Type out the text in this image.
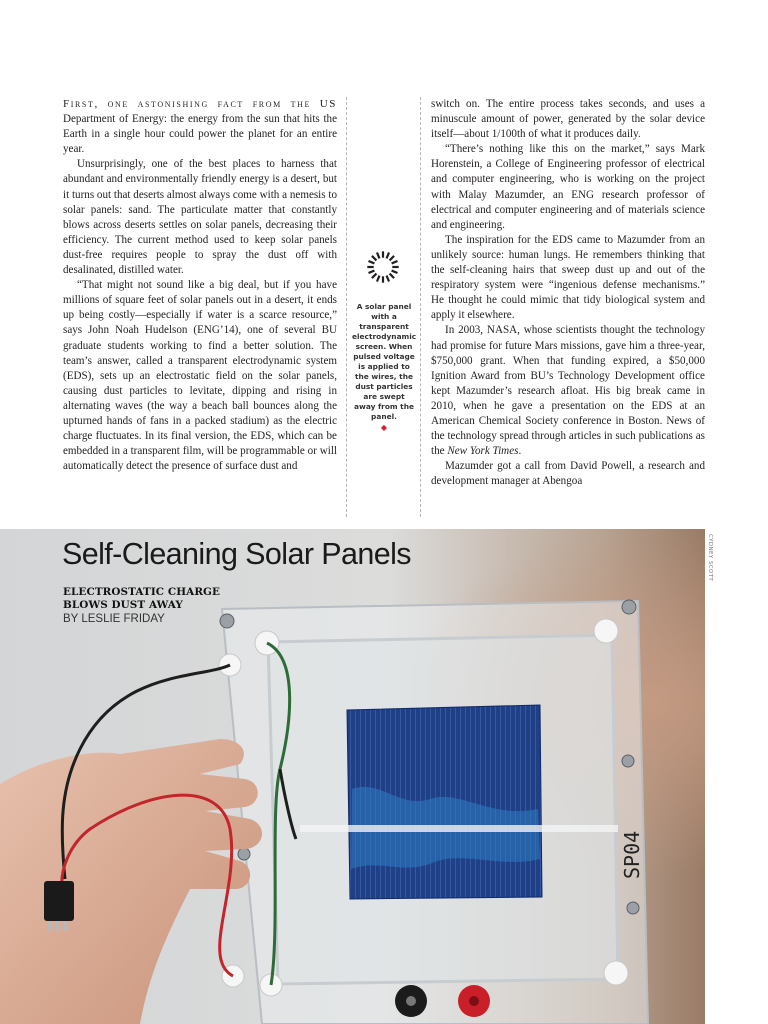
First, one astonishing fact from the US Department of Energy: the energy from the sun that hits the Earth in a single hour could power the planet for an entire year.

Unsurprisingly, one of the best places to harness that abundant and environmentally friendly energy is a desert, but it turns out that deserts almost always come with a nemesis to solar panels: sand. The particulate matter that constantly blows across deserts settles on solar panels, decreasing their efficiency. The current method used to keep solar panels dust-free requires people to spray the dust off with desalinated, distilled water.

“That might not sound like a big deal, but if you have millions of square feet of solar panels out in a desert, it ends up being costly—especially if water is a scarce resource,” says John Noah Hudelson (ENG’14), one of several BU graduate students working to find a better solution. The team’s answer, called a transparent electrodynamic system (EDS), sets up an electrostatic field on the solar panels, causing dust particles to levitate, dipping and rising in alternating waves (the way a beach ball bounces along the upturned hands of fans in a packed stadium) as the electric charge fluctuates. In its final version, the EDS, which can be embedded in a transparent film, will be programmable or will automatically detect the presence of surface dust and

A solar panel with a transparent electrodynamic screen. When pulsed voltage is applied to the wires, the dust particles are swept away from the panel.
◆

switch on. The entire process takes seconds, and uses a minuscule amount of power, generated by the solar device itself—about 1/100th of what it produces daily.

“There’s nothing like this on the market,” says Mark Horenstein, a College of Engineering professor of electrical and computer engineering, who is working on the project with Malay Mazumder, an ENG research professor of electrical and computer engineering and of materials science and engineering.

The inspiration for the EDS came to Mazumder from an unlikely source: human lungs. He remembers thinking that the self-cleaning hairs that sweep dust up and out of the respiratory system were “ingenious defense mechanisms.” He thought he could mimic that tidy biological system and apply it elsewhere.

In 2003, NASA, whose scientists thought the technology had promise for future Mars missions, gave him a three-year, $750,000 grant. When that funding expired, a $50,000 Ignition Award from BU’s Technology Development office kept Mazumder’s research afloat. His big break came in 2010, when he gave a presentation on the EDS at an American Chemical Society conference in Boston. News of the technology spread through articles in such publications as the New York Times.

Mazumder got a call from David Powell, a research and development manager at Abengoa

SP04
CYDNEY SCOTT
Self-Cleaning Solar Panels
ELECTROSTATIC CHARGE BLOWS DUST AWAY
BY LESLIE FRIDAY
